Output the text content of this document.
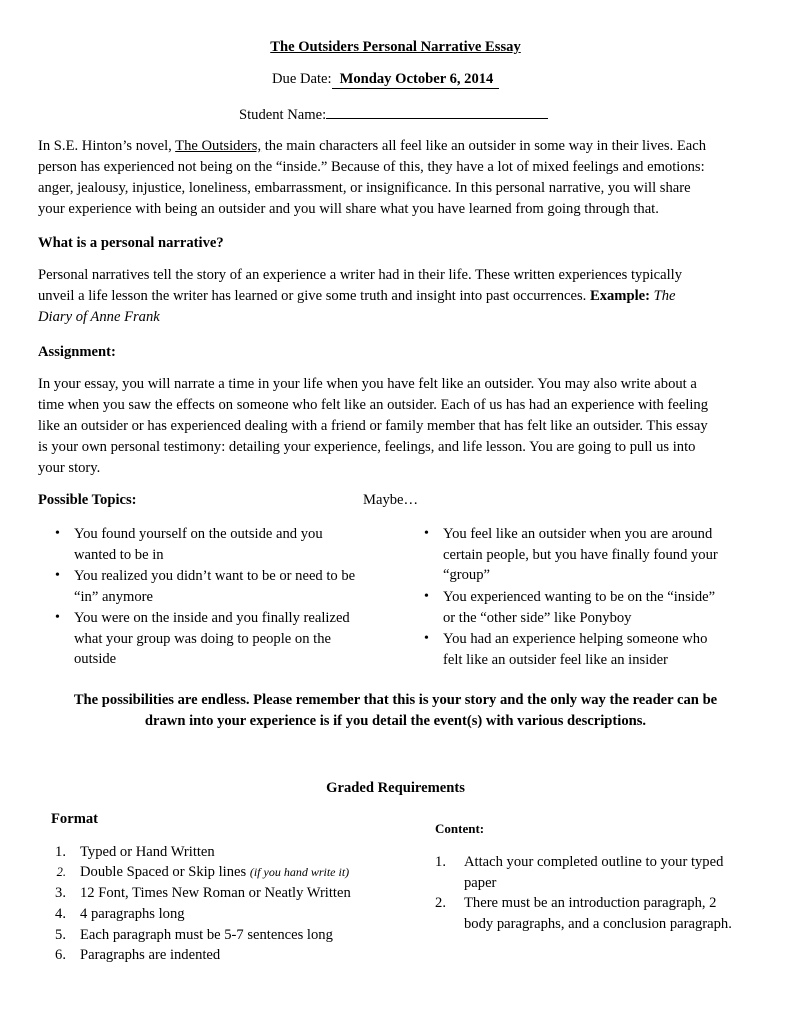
The Outsiders Personal Narrative Essay
Due Date: Monday October 6, 2014
Student Name:
In S.E. Hinton’s novel, The Outsiders, the main characters all feel like an outsider in some way in their lives. Each
person has experienced not being on the “inside.” Because of this, they have a lot of mixed feelings and emotions:
anger, jealousy, injustice, loneliness, embarrassment, or insignificance. In this personal narrative, you will share
your experience with being an outsider and you will share what you have learned from going through that.
What is a personal narrative?
Personal narratives tell the story of an experience a writer had in their life. These written experiences typically
unveil a life lesson the writer has learned or give some truth and insight into past occurrences. Example: The
Diary of Anne Frank
Assignment:
In your essay, you will narrate a time in your life when you have felt like an outsider. You may also write about a
time when you saw the effects on someone who felt like an outsider. Each of us has had an experience with feeling
like an outsider or has experienced dealing with a friend or family member that has felt like an outsider. This essay
is your own personal testimony: detailing your experience, feelings, and life lesson. You are going to pull us into
your story.
Possible Topics:	Maybe…
• You found yourself on the outside and you
wanted to be in
• You realized you didn’t want to be or need to be
“in” anymore
• You were on the inside and you finally realized
what your group was doing to people on the
outside
• You feel like an outsider when you are around
certain people, but you have finally found your
“group”
• You experienced wanting to be on the “inside”
or the “other side” like Ponyboy
• You had an experience helping someone who
felt like an outsider feel like an insider
The possibilities are endless. Please remember that this is your story and the only way the reader can be
drawn into your experience is if you detail the event(s) with various descriptions.
Graded Requirements
Format
1. Typed or Hand Written
2. Double Spaced or Skip lines (if you hand write it)
3. 12 Font, Times New Roman or Neatly Written
4. 4 paragraphs long
5. Each paragraph must be 5-7 sentences long
6. Paragraphs are indented
Content:
1. Attach your completed outline to your typed
paper
2. There must be an introduction paragraph, 2
body paragraphs, and a conclusion paragraph.
